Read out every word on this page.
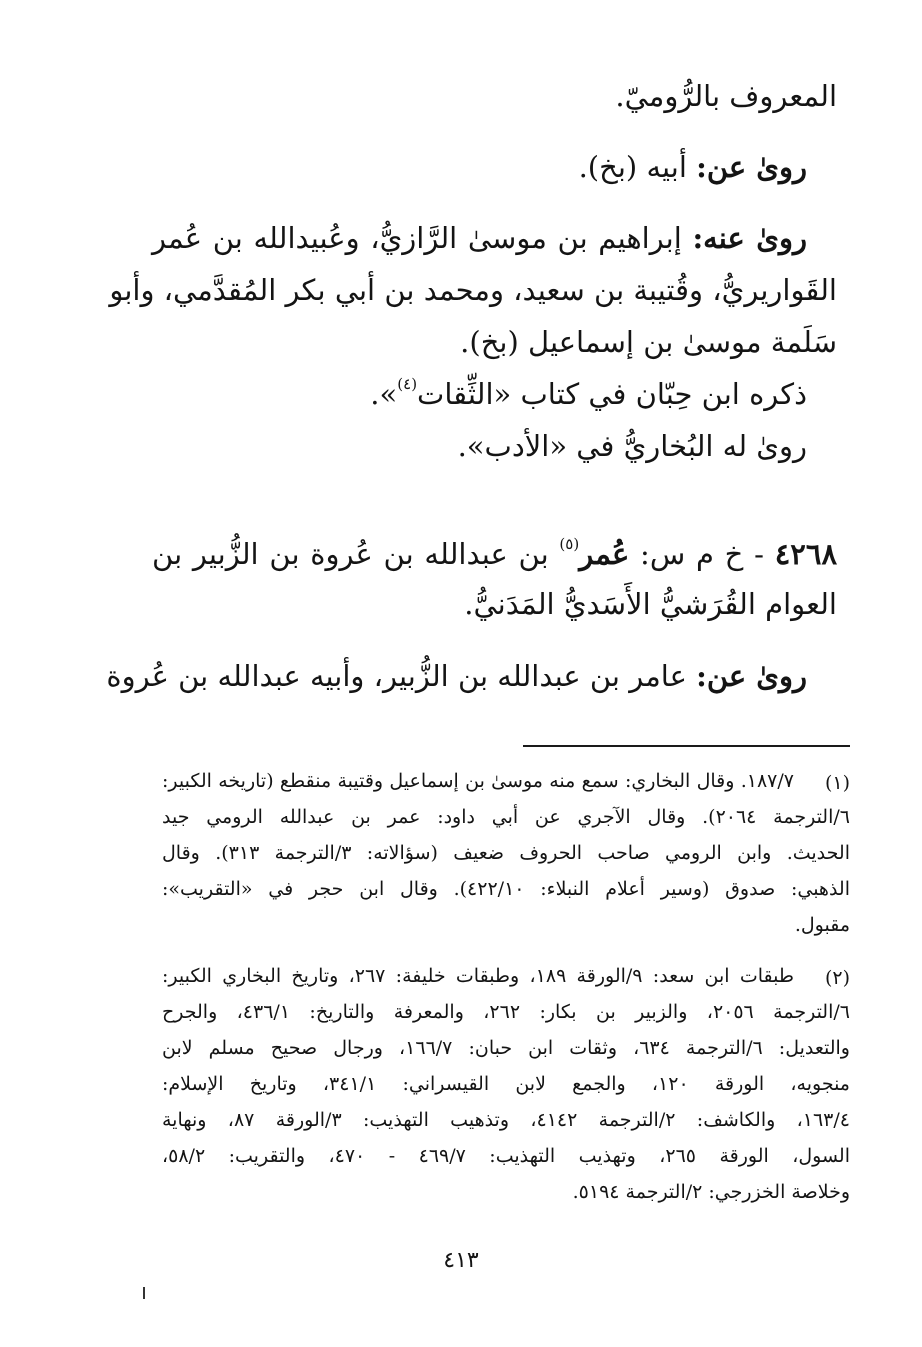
المعروف بالرُّوميّ.
روىٰ عن: أبيه (بخ).
روىٰ عنه: إبراهيم بن موسىٰ الرَّازيُّ، وعُبيدالله بن عُمر
القَواريريُّ، وقُتيبة بن سعيد، ومحمد بن أبي بكر المُقدَّمي، وأبو
سَلَمة موسىٰ بن إسماعيل (بخ).
ذكره ابن حِبّان في كتاب «الثِّقات$^{(٤)}$».
روىٰ له البُخاريُّ في «الأدب».
٤٢٦٨ - خ م س: عُمر$^{(٥)}$ بن عبدالله بن عُروة بن الزُّبير بن
العوام القُرَشيُّ الأَسَديُّ المَدَنيُّ.
روىٰ عن: عامر بن عبدالله بن الزُّبير، وأبيه عبدالله بن عُروة
(١)
١٨٧/٧. وقال البخاري: سمع منه موسىٰ بن إسماعيل وقتيبة منقطع (تاريخه الكبير:
٦/الترجمة ٢٠٦٤). وقال الآجري عن أبي داود: عمر بن عبدالله الرومي جيد
الحديث. وابن الرومي صاحب الحروف ضعيف (سؤالاته: ٣/الترجمة ٣١٣). وقال
الذهبي: صدوق (وسير أعلام النبلاء: ٤٢٢/١٠). وقال ابن حجر في «التقريب»:
مقبول.
(٢)
طبقات ابن سعد: ٩/الورقة ١٨٩، وطبقات خليفة: ٢٦٧، وتاريخ البخاري الكبير:
٦/الترجمة ٢٠٥٦، والزبير بن بكار: ٢٦٢، والمعرفة والتاريخ: ٤٣٦/١، والجرح
والتعديل: ٦/الترجمة ٦٣٤، وثقات ابن حبان: ١٦٦/٧، ورجال صحيح مسلم لابن
منجويه، الورقة ١٢٠، والجمع لابن القيسراني: ٣٤١/١، وتاريخ الإسلام:
١٦٣/٤، والكاشف: ٢/الترجمة ٤١٤٢، وتذهيب التهذيب: ٣/الورقة ٨٧، ونهاية
السول، الورقة ٢٦٥، وتهذيب التهذيب: ٤٦٩/٧ - ٤٧٠، والتقريب: ٥٨/٢،
وخلاصة الخزرجي: ٢/الترجمة ٥١٩٤.
٤١٣
